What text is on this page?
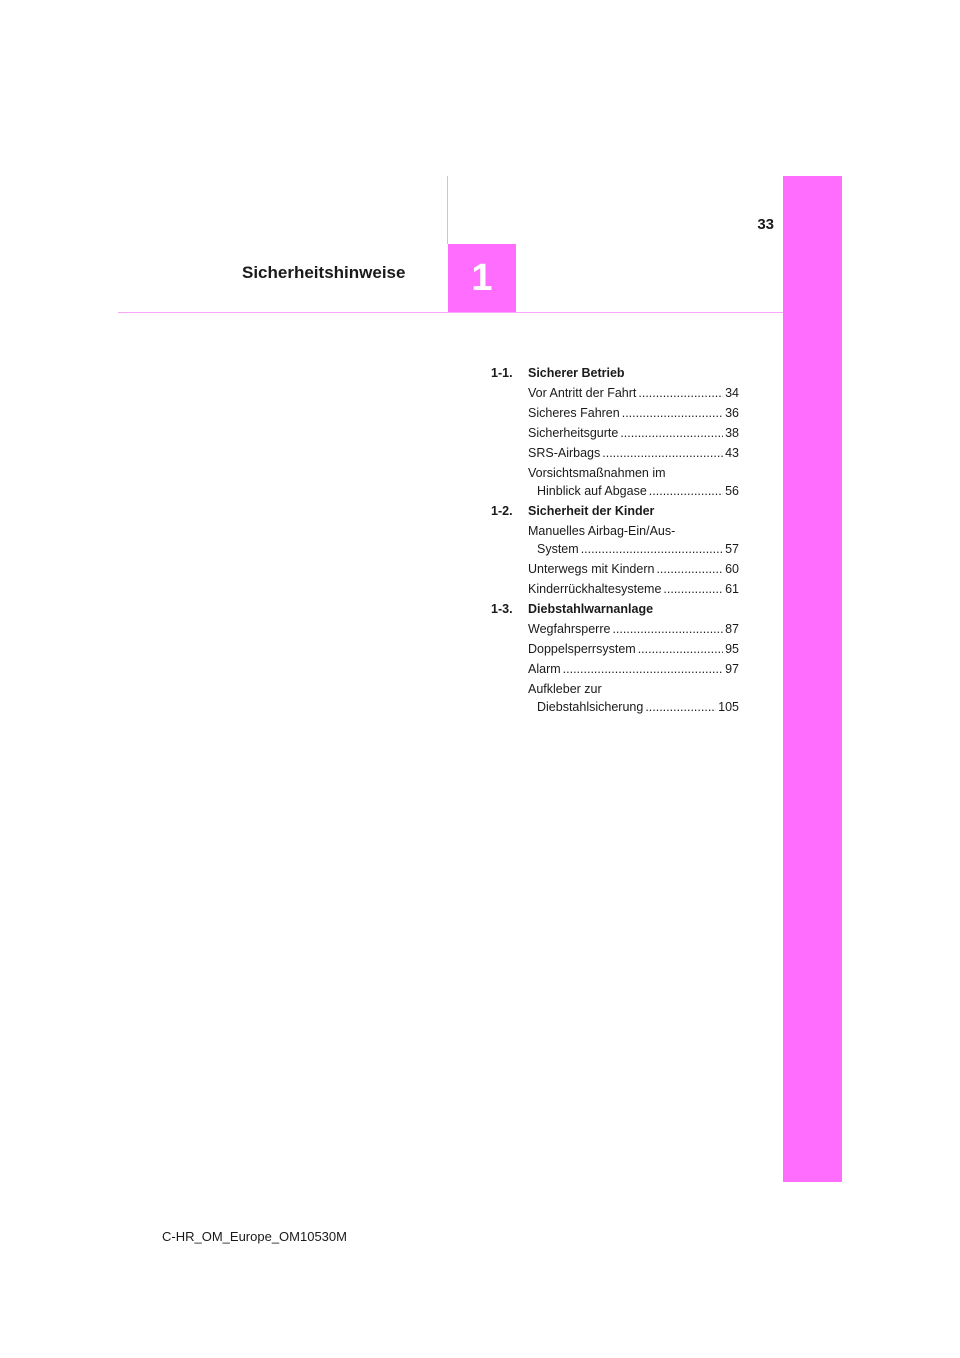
33
1
Sicherheitshinweise
1-1.	Sicherer Betrieb
Vor Antritt der Fahrt .....	34
Sicheres Fahren .....	36
Sicherheitsgurte .....	38
SRS-Airbags .....	43
Vorsichtsmaßnahmen im
Hinblick auf Abgase .....	56
1-2.	Sicherheit der Kinder
Manuelles Airbag-Ein/Aus-
System .....	57
Unterwegs mit Kindern .....	60
Kinderrückhaltesysteme .....	61
1-3.	Diebstahlwarnanlage
Wegfahrsperre .....	87
Doppelsperrsystem .....	95
Alarm .....	97
Aufkleber zur
Diebstahlsicherung .....	105
C-HR_OM_Europe_OM10530M
